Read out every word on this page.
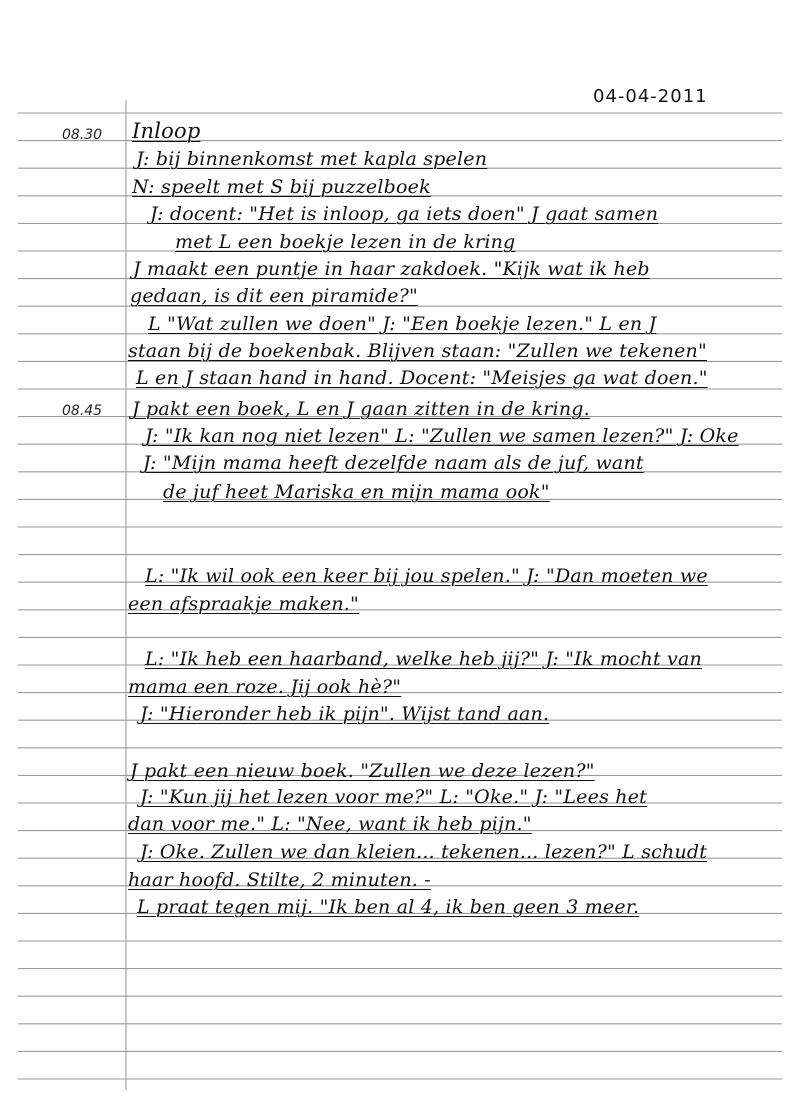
04-04-2011
08.30
08.45
Inloop
J: bij binnenkomst met kapla spelen
N: speelt met S bij puzzelboek
J: docent: "Het is inloop, ga iets doen" J gaat samen
met L een boekje lezen in de kring
J maakt een puntje in haar zakdoek. "Kijk wat ik heb
gedaan, is dit een piramide?"
L "Wat zullen we doen" J: "Een boekje lezen." L en J
staan bij de boekenbak. Blijven staan: "Zullen we tekenen"
L en J staan hand in hand. Docent: "Meisjes ga wat doen."
J pakt een boek, L en J gaan zitten in de kring.
J: "Ik kan nog niet lezen" L: "Zullen we samen lezen?" J: Oke
J: "Mijn mama heeft dezelfde naam als de juf, want
de juf heet Mariska en mijn mama ook"
L: "Ik wil ook een keer bij jou spelen." J: "Dan moeten we
een afspraakje maken."
L: "Ik heb een haarband, welke heb jij?" J: "Ik mocht van
mama een roze. Jij ook hè?"
J: "Hieronder heb ik pijn". Wijst tand aan.
J pakt een nieuw boek. "Zullen we deze lezen?"
J: "Kun jij het lezen voor me?" L: "Oke." J: "Lees het
dan voor me." L: "Nee, want ik heb pijn."
J: Oke. Zullen we dan kleien... tekenen... lezen?" L schudt
haar hoofd. Stilte, 2 minuten. -
L praat tegen mij. "Ik ben al 4, ik ben geen 3 meer.
